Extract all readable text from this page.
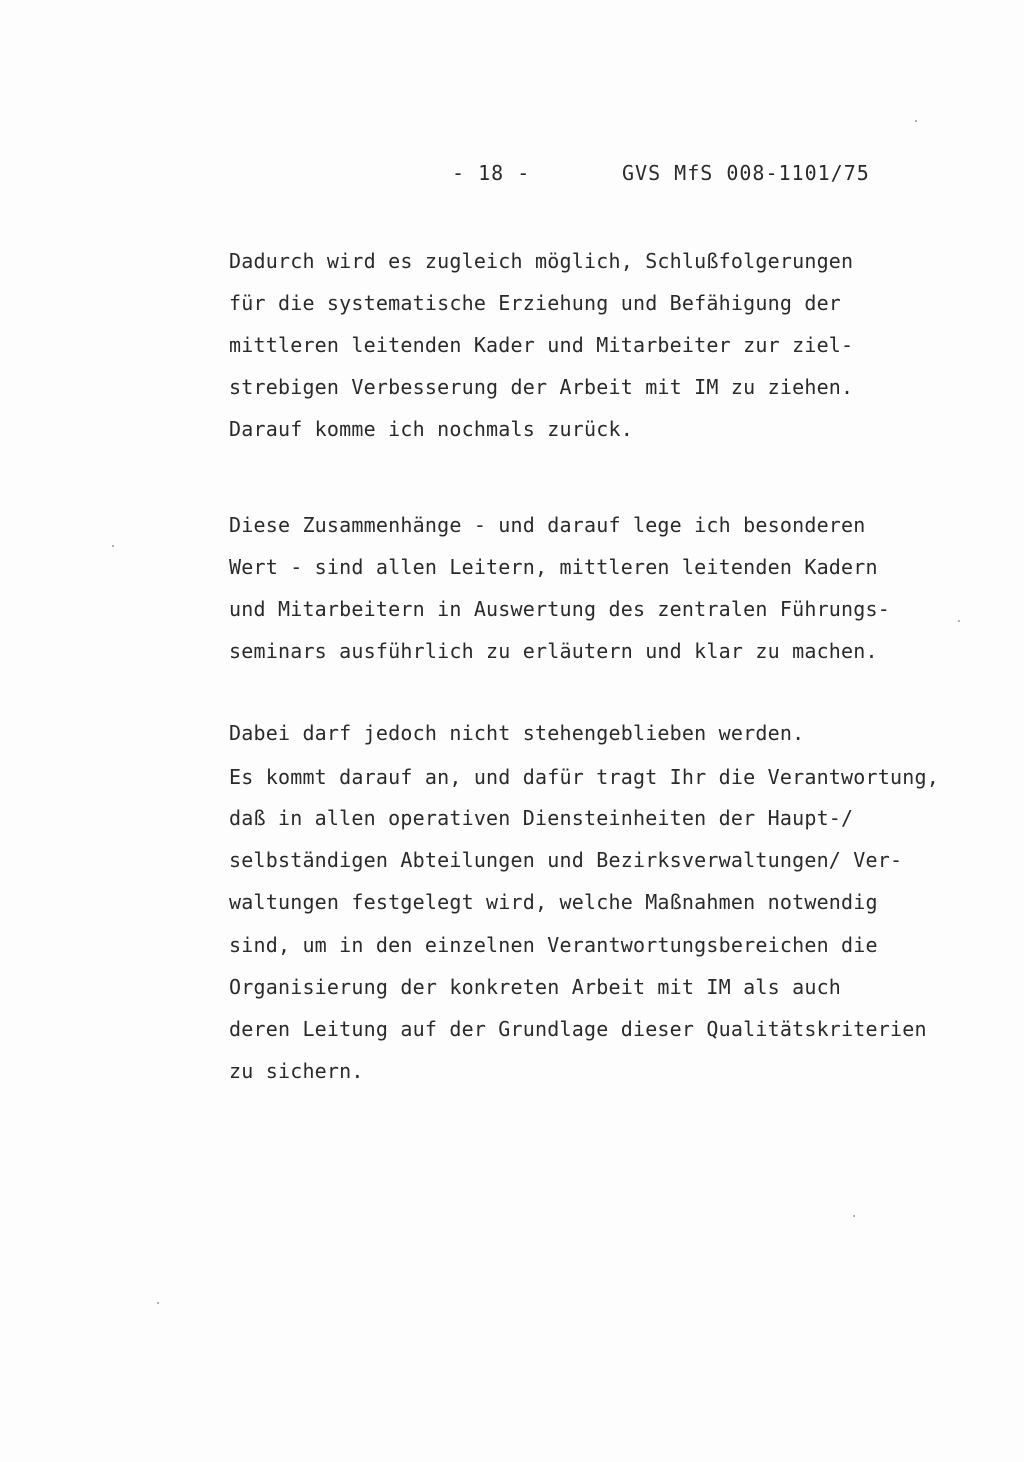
- 18 -	GVS MfS 008-1101/75
Dadurch wird es zugleich möglich, Schlußfolgerungen
für die systematische Erziehung und Befähigung der
mittleren leitenden Kader und Mitarbeiter zur ziel-
strebigen Verbesserung der Arbeit mit IM zu ziehen.
Darauf komme ich nochmals zurück.
Diese Zusammenhänge - und darauf lege ich besonderen
Wert - sind allen Leitern, mittleren leitenden Kadern
und Mitarbeitern in Auswertung des zentralen Führungs-
seminars ausführlich zu erläutern und klar zu machen.
Dabei darf jedoch nicht stehengeblieben werden.
Es kommt darauf an, und dafür tragt Ihr die Verantwortung,
daß in allen operativen Diensteinheiten der Haupt-/
selbständigen Abteilungen und Bezirksverwaltungen/ Ver-
waltungen festgelegt wird, welche Maßnahmen notwendig
sind, um in den einzelnen Verantwortungsbereichen die
Organisierung der konkreten Arbeit mit IM als auch
deren Leitung auf der Grundlage dieser Qualitätskriterien
zu sichern.
